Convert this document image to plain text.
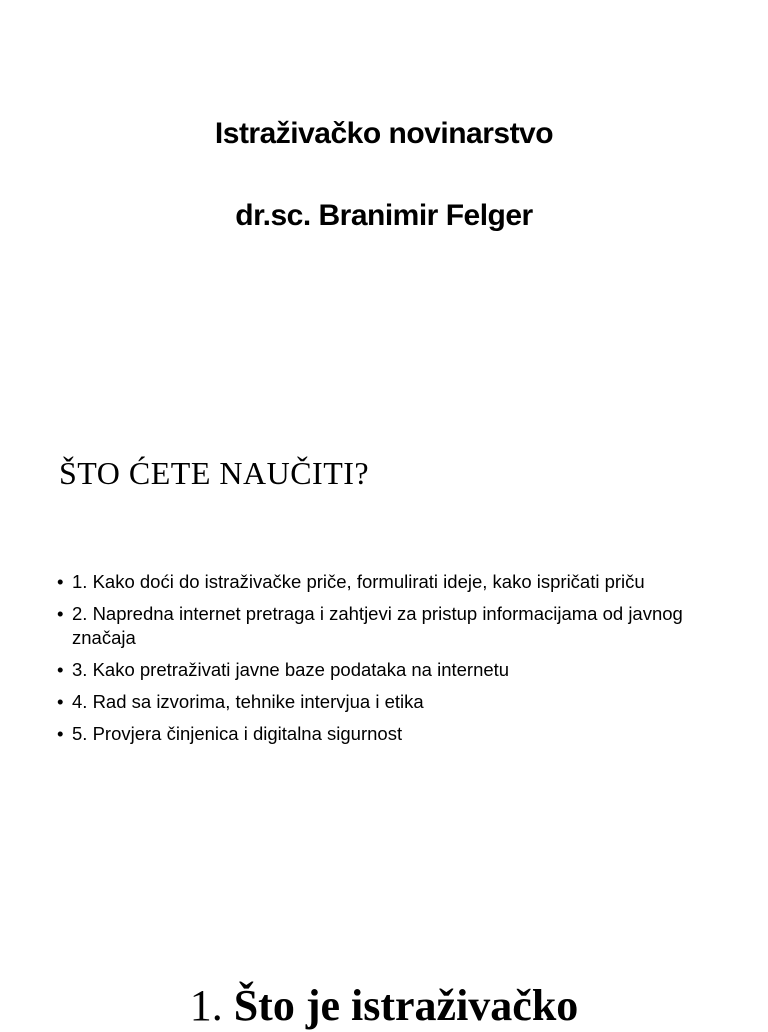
Istraživačko novinarstvo
dr.sc. Branimir Felger
ŠTO ĆETE NAUČITI?
• 1. Kako doći do istraživačke priče, formulirati ideje, kako ispričati priču
• 2. Napredna internet pretraga i zahtjevi za pristup informacijama od javnog značaja
• 3. Kako pretraživati javne baze podataka na internetu
• 4. Rad sa izvorima, tehnike intervjua i etika
• 5. Provjera činjenica i digitalna sigurnost
1. Što je istraživačko
